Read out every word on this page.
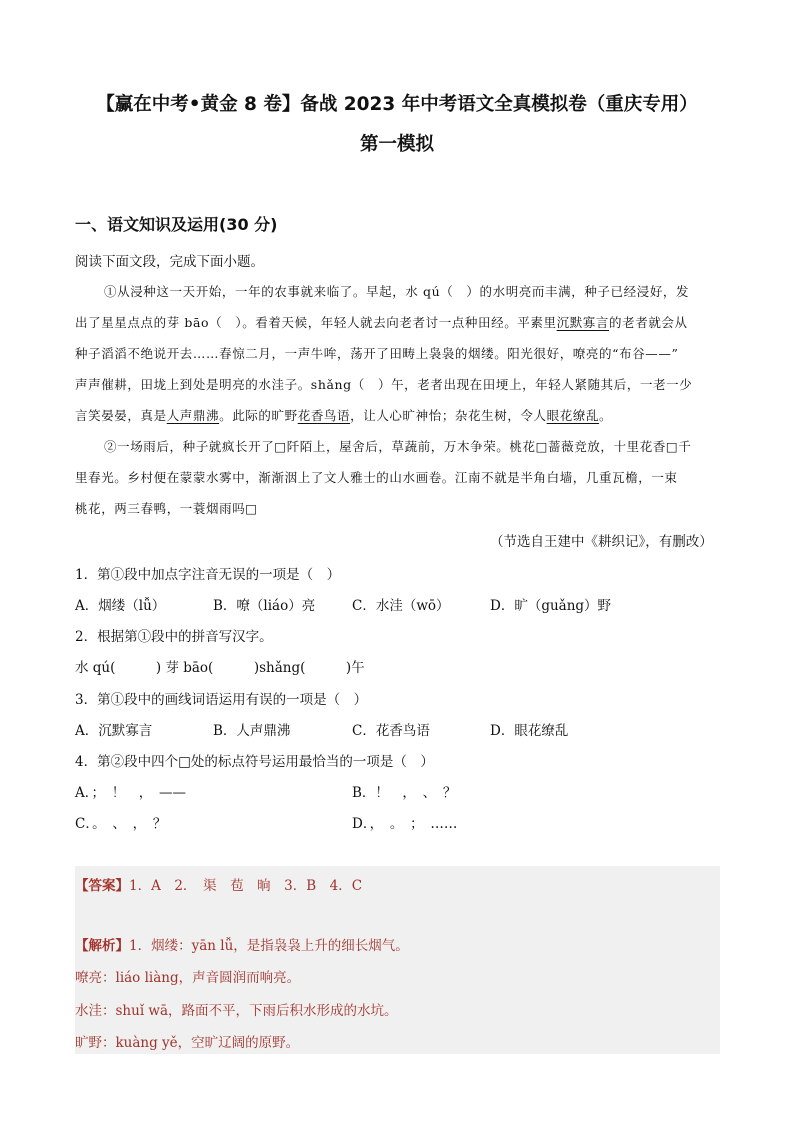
【赢在中考•黄金 8 卷】备战 2023 年中考语文全真模拟卷（重庆专用）
第一模拟
一、语文知识及运用(30 分)
阅读下面文段，完成下面小题。
①从浸种这一天开始，一年的农事就来临了。早起，水 qú（　）的水明亮而丰满，种子已经浸好，发
出了星星点点的芽 bāo（　）。看着天候，年轻人就去向老者讨一点种田经。平素里沉默寡言的老者就会从
种子滔滔不绝说开去……春惊二月，一声牛哞，荡开了田畴上袅袅的烟缕。阳光很好，嘹亮的“布谷——”
声声催耕，田垅上到处是明亮的水洼子。shǎng（　）午，老者出现在田埂上，年轻人紧随其后，一老一少
言笑晏晏，真是人声鼎沸。此际的旷野花香鸟语，让人心旷神怡；杂花生树，令人眼花缭乱。
②一场雨后，种子就疯长开了□阡陌上，屋舍后，草蔬前，万木争荣。桃花□蔷薇竞放，十里花香□千
里春光。乡村便在蒙蒙水雾中，渐渐洇上了文人雅士的山水画卷。江南不就是半角白墙，几重瓦檐，一束
桃花，两三春鸭，一蓑烟雨吗□
（节选自王建中《耕织记》，有删改）
1．第①段中加点字注音无误的一项是（　）
A．烟缕（lǚ）	B．嘹（liáo）亮	C．水洼（wō）	D．旷（guǎng）野
2．根据第①段中的拼音写汉字。
水 qú(　　　) 芽 bāo(　　　)shǎng(　　　)午
3．第①段中的画线词语运用有误的一项是（　）
A．沉默寡言	B．人声鼎沸	C．花香鸟语	D．眼花缭乱
4．第②段中四个□处的标点符号运用最恰当的一项是（　）
A．；　！　，　——	B．！　，　、　？
C．。　、　，　？	D．，　。　；　……
【答案】1．A　2．　渠　苞　晌　3．B　4．C
【解析】1．烟缕：yān lǚ，是指袅袅上升的细长烟气。
嘹亮：liáo liàng，声音圆润而响亮。
水洼：shuǐ wā，路面不平，下雨后积水形成的水坑。
旷野：kuàng yě，空旷辽阔的原野。
